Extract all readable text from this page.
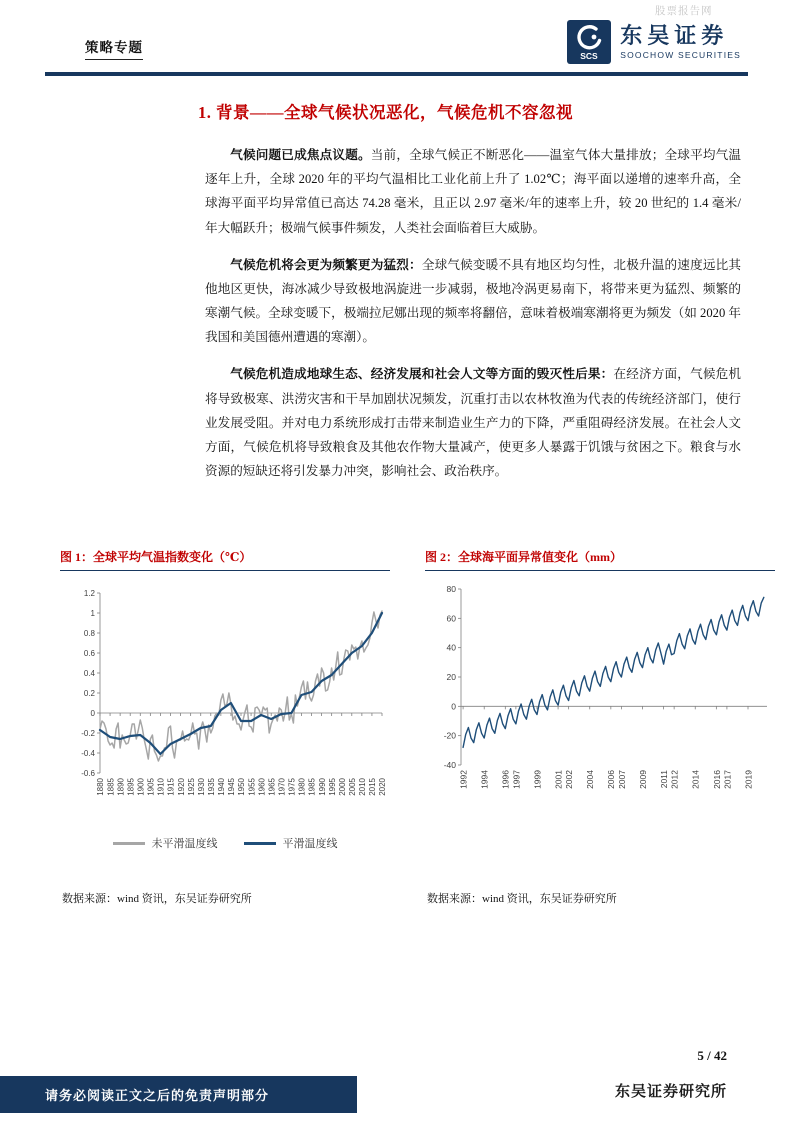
股票报告网
策略专题
SCS
东吴证券
SOOCHOW SECURITIES
1. 背景——全球气候状况恶化，气候危机不容忽视

气候问题已成焦点议题。当前，全球气候正不断恶化——温室气体大量排放；全球平均气温逐年上升，全球 2020 年的平均气温相比工业化前上升了 1.02℃；海平面以递增的速率升高，全球海平面平均异常值已高达 74.28 毫米，且正以 2.97 毫米/年的速率上升，较 20 世纪的 1.4 毫米/年大幅跃升；极端气候事件频发，人类社会面临着巨大威胁。

气候危机将会更为频繁更为猛烈：全球气候变暖不具有地区均匀性，北极升温的速度远比其他地区更快，海冰减少导致极地涡旋进一步减弱，极地冷涡更易南下，将带来更为猛烈、频繁的寒潮气候。全球变暖下，极端拉尼娜出现的频率将翻倍，意味着极端寒潮将更为频发（如 2020 年我国和美国德州遭遇的寒潮）。

气候危机造成地球生态、经济发展和社会人文等方面的毁灭性后果：在经济方面，气候危机将导致极寒、洪涝灾害和干旱加剧状况频发，沉重打击以农林牧渔为代表的传统经济部门，使行业发展受阻。并对电力系统形成打击带来制造业生产力的下降，严重阻碍经济发展。在社会人文方面，气候危机将导致粮食及其他农作物大量减产，使更多人暴露于饥饿与贫困之下。粮食与水资源的短缺还将引发暴力冲突，影响社会、政治秩序。

图 1：全球平均气温指数变化（℃）
-0.6
-0.4
-0.2
0
0.2
0.4
0.6
0.8
1
1.2
1880 1885 1890 1895 1900 1905 1910 1915 1920 1925 1930 1935 1940 1945 1950 1955 1960 1965 1970 1975 1980 1985 1990 1995 2000 2005 2010 2015 2020
未平滑温度线	平滑温度线
数据来源：wind 资讯，东吴证券研究所
图 2：全球海平面异常值变化（mm）
-40
-20
0
20
40
60
80
1992 1994 1996 1997 1999 2001 2002 2004 2006 2007 2009 2011 2012 2014 2016 2017 2019
数据来源：wind 资讯，东吴证券研究所
5 / 42
东吴证券研究所
请务必阅读正文之后的免责声明部分
